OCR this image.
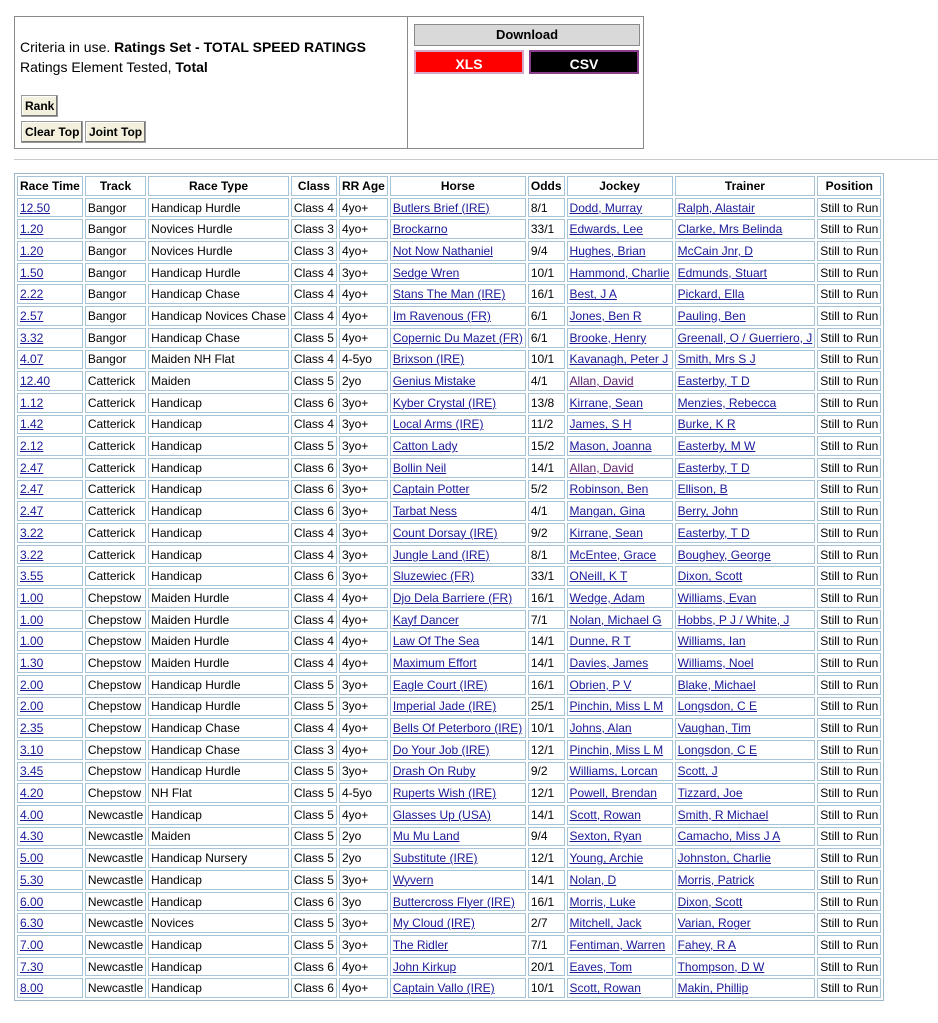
Criteria in use. Ratings Set - TOTAL SPEED RATINGS
Ratings Element Tested, Total
Rank
Clear Top Joint Top
Download
XLS	CSV
Race Time	Track	Race Type	Class	RR Age	Horse	Odds	Jockey	Trainer	Position
12.50	Bangor	Handicap Hurdle	Class 4	4yo+	Butlers Brief (IRE)	8/1	Dodd, Murray	Ralph, Alastair	Still to Run
1.20	Bangor	Novices Hurdle	Class 3	4yo+	Brockarno	33/1	Edwards, Lee	Clarke, Mrs Belinda	Still to Run
1.20	Bangor	Novices Hurdle	Class 3	4yo+	Not Now Nathaniel	9/4	Hughes, Brian	McCain Jnr, D	Still to Run
1.50	Bangor	Handicap Hurdle	Class 4	3yo+	Sedge Wren	10/1	Hammond, Charlie	Edmunds, Stuart	Still to Run
2.22	Bangor	Handicap Chase	Class 4	4yo+	Stans The Man (IRE)	16/1	Best, J A	Pickard, Ella	Still to Run
2.57	Bangor	Handicap Novices Chase	Class 4	4yo+	Im Ravenous (FR)	6/1	Jones, Ben R	Pauling, Ben	Still to Run
3.32	Bangor	Handicap Chase	Class 5	4yo+	Copernic Du Mazet (FR)	6/1	Brooke, Henry	Greenall, O / Guerriero, J	Still to Run
4.07	Bangor	Maiden NH Flat	Class 4	4-5yo	Brixson (IRE)	10/1	Kavanagh, Peter J	Smith, Mrs S J	Still to Run
12.40	Catterick	Maiden	Class 5	2yo	Genius Mistake	4/1	Allan, David	Easterby, T D	Still to Run
1.12	Catterick	Handicap	Class 6	3yo+	Kyber Crystal (IRE)	13/8	Kirrane, Sean	Menzies, Rebecca	Still to Run
1.42	Catterick	Handicap	Class 4	3yo+	Local Arms (IRE)	11/2	James, S H	Burke, K R	Still to Run
2.12	Catterick	Handicap	Class 5	3yo+	Catton Lady	15/2	Mason, Joanna	Easterby, M W	Still to Run
2.47	Catterick	Handicap	Class 6	3yo+	Bollin Neil	14/1	Allan, David	Easterby, T D	Still to Run
2.47	Catterick	Handicap	Class 6	3yo+	Captain Potter	5/2	Robinson, Ben	Ellison, B	Still to Run
2.47	Catterick	Handicap	Class 6	3yo+	Tarbat Ness	4/1	Mangan, Gina	Berry, John	Still to Run
3.22	Catterick	Handicap	Class 4	3yo+	Count Dorsay (IRE)	9/2	Kirrane, Sean	Easterby, T D	Still to Run
3.22	Catterick	Handicap	Class 4	3yo+	Jungle Land (IRE)	8/1	McEntee, Grace	Boughey, George	Still to Run
3.55	Catterick	Handicap	Class 6	3yo+	Sluzewiec (FR)	33/1	ONeill, K T	Dixon, Scott	Still to Run
1.00	Chepstow	Maiden Hurdle	Class 4	4yo+	Djo Dela Barriere (FR)	16/1	Wedge, Adam	Williams, Evan	Still to Run
1.00	Chepstow	Maiden Hurdle	Class 4	4yo+	Kayf Dancer	7/1	Nolan, Michael G	Hobbs, P J / White, J	Still to Run
1.00	Chepstow	Maiden Hurdle	Class 4	4yo+	Law Of The Sea	14/1	Dunne, R T	Williams, Ian	Still to Run
1.30	Chepstow	Maiden Hurdle	Class 4	4yo+	Maximum Effort	14/1	Davies, James	Williams, Noel	Still to Run
2.00	Chepstow	Handicap Hurdle	Class 5	3yo+	Eagle Court (IRE)	16/1	Obrien, P V	Blake, Michael	Still to Run
2.00	Chepstow	Handicap Hurdle	Class 5	3yo+	Imperial Jade (IRE)	25/1	Pinchin, Miss L M	Longsdon, C E	Still to Run
2.35	Chepstow	Handicap Chase	Class 4	4yo+	Bells Of Peterboro (IRE)	10/1	Johns, Alan	Vaughan, Tim	Still to Run
3.10	Chepstow	Handicap Chase	Class 3	4yo+	Do Your Job (IRE)	12/1	Pinchin, Miss L M	Longsdon, C E	Still to Run
3.45	Chepstow	Handicap Hurdle	Class 5	3yo+	Drash On Ruby	9/2	Williams, Lorcan	Scott, J	Still to Run
4.20	Chepstow	NH Flat	Class 5	4-5yo	Ruperts Wish (IRE)	12/1	Powell, Brendan	Tizzard, Joe	Still to Run
4.00	Newcastle	Handicap	Class 5	4yo+	Glasses Up (USA)	14/1	Scott, Rowan	Smith, R Michael	Still to Run
4.30	Newcastle	Maiden	Class 5	2yo	Mu Mu Land	9/4	Sexton, Ryan	Camacho, Miss J A	Still to Run
5.00	Newcastle	Handicap Nursery	Class 5	2yo	Substitute (IRE)	12/1	Young, Archie	Johnston, Charlie	Still to Run
5.30	Newcastle	Handicap	Class 5	3yo+	Wyvern	14/1	Nolan, D	Morris, Patrick	Still to Run
6.00	Newcastle	Handicap	Class 6	3yo	Buttercross Flyer (IRE)	16/1	Morris, Luke	Dixon, Scott	Still to Run
6.30	Newcastle	Novices	Class 5	3yo+	My Cloud (IRE)	2/7	Mitchell, Jack	Varian, Roger	Still to Run
7.00	Newcastle	Handicap	Class 5	3yo+	The Ridler	7/1	Fentiman, Warren	Fahey, R A	Still to Run
7.30	Newcastle	Handicap	Class 6	4yo+	John Kirkup	20/1	Eaves, Tom	Thompson, D W	Still to Run
8.00	Newcastle	Handicap	Class 6	4yo+	Captain Vallo (IRE)	10/1	Scott, Rowan	Makin, Phillip	Still to Run
